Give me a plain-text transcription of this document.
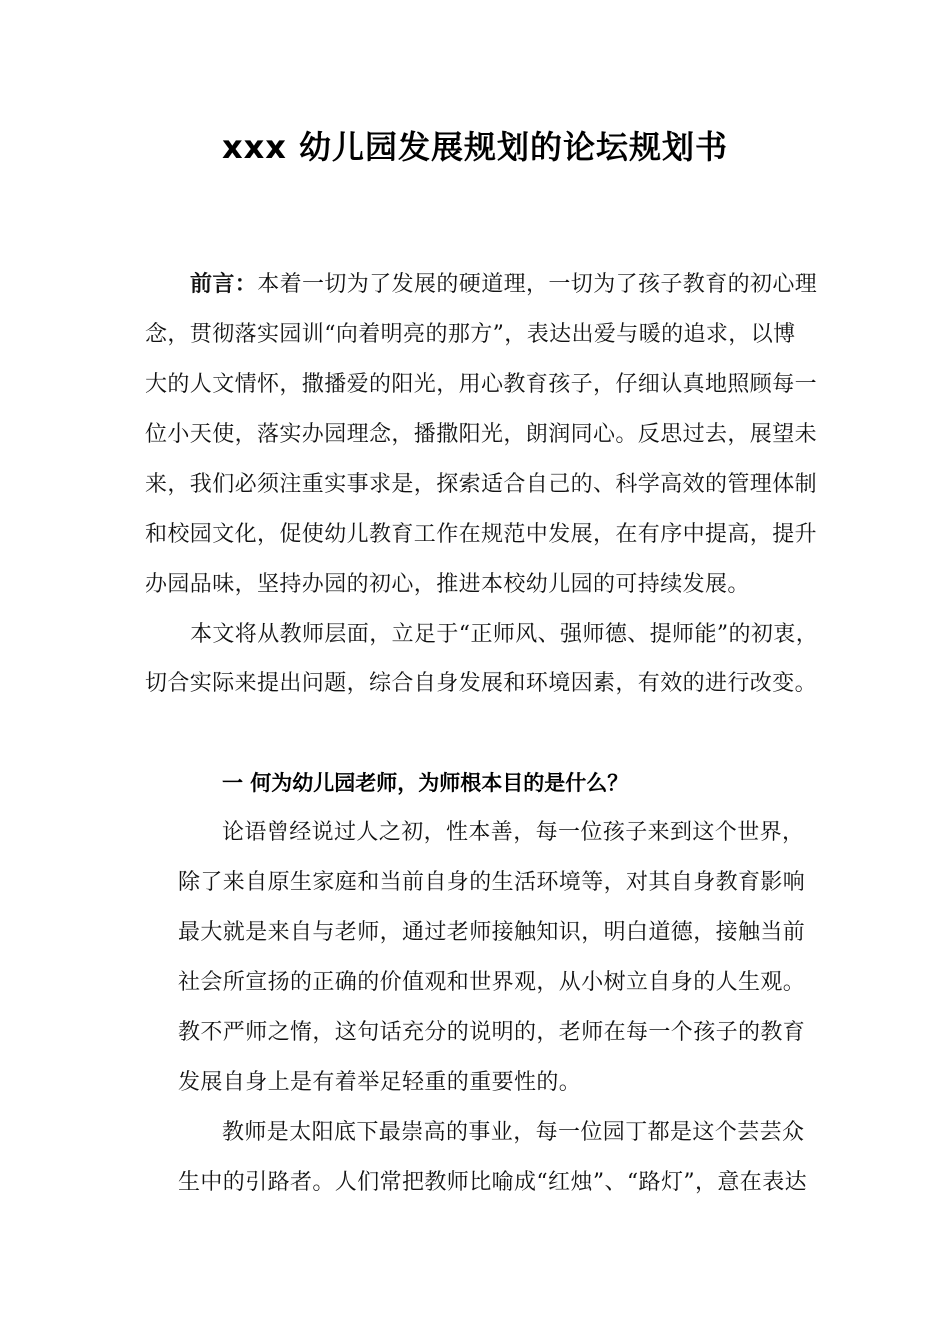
xxx 幼儿园发展规划的论坛规划书
前言：本着一切为了发展的硬道理，一切为了孩子教育的初心理
念，贯彻落实园训“向着明亮的那方”，表达出爱与暖的追求，以博
大的人文情怀，撒播爱的阳光，用心教育孩子，仔细认真地照顾每一
位小天使，落实办园理念，播撒阳光，朗润同心。反思过去，展望未
来，我们必须注重实事求是，探索适合自己的、科学高效的管理体制
和校园文化，促使幼儿教育工作在规范中发展，在有序中提高，提升
办园品味，坚持办园的初心，推进本校幼儿园的可持续发展。
本文将从教师层面，立足于“正师风、强师德、提师能”的初衷，
切合实际来提出问题，综合自身发展和环境因素，有效的进行改变。
一 何为幼儿园老师，为师根本目的是什么？
论语曾经说过人之初，性本善，每一位孩子来到这个世界，
除了来自原生家庭和当前自身的生活环境等，对其自身教育影响
最大就是来自与老师，通过老师接触知识，明白道德，接触当前
社会所宣扬的正确的价值观和世界观，从小树立自身的人生观。
教不严师之惰，这句话充分的说明的，老师在每一个孩子的教育
发展自身上是有着举足轻重的重要性的。
教师是太阳底下最崇高的事业，每一位园丁都是这个芸芸众
生中的引路者。人们常把教师比喻成“红烛”、“路灯”，意在表达
